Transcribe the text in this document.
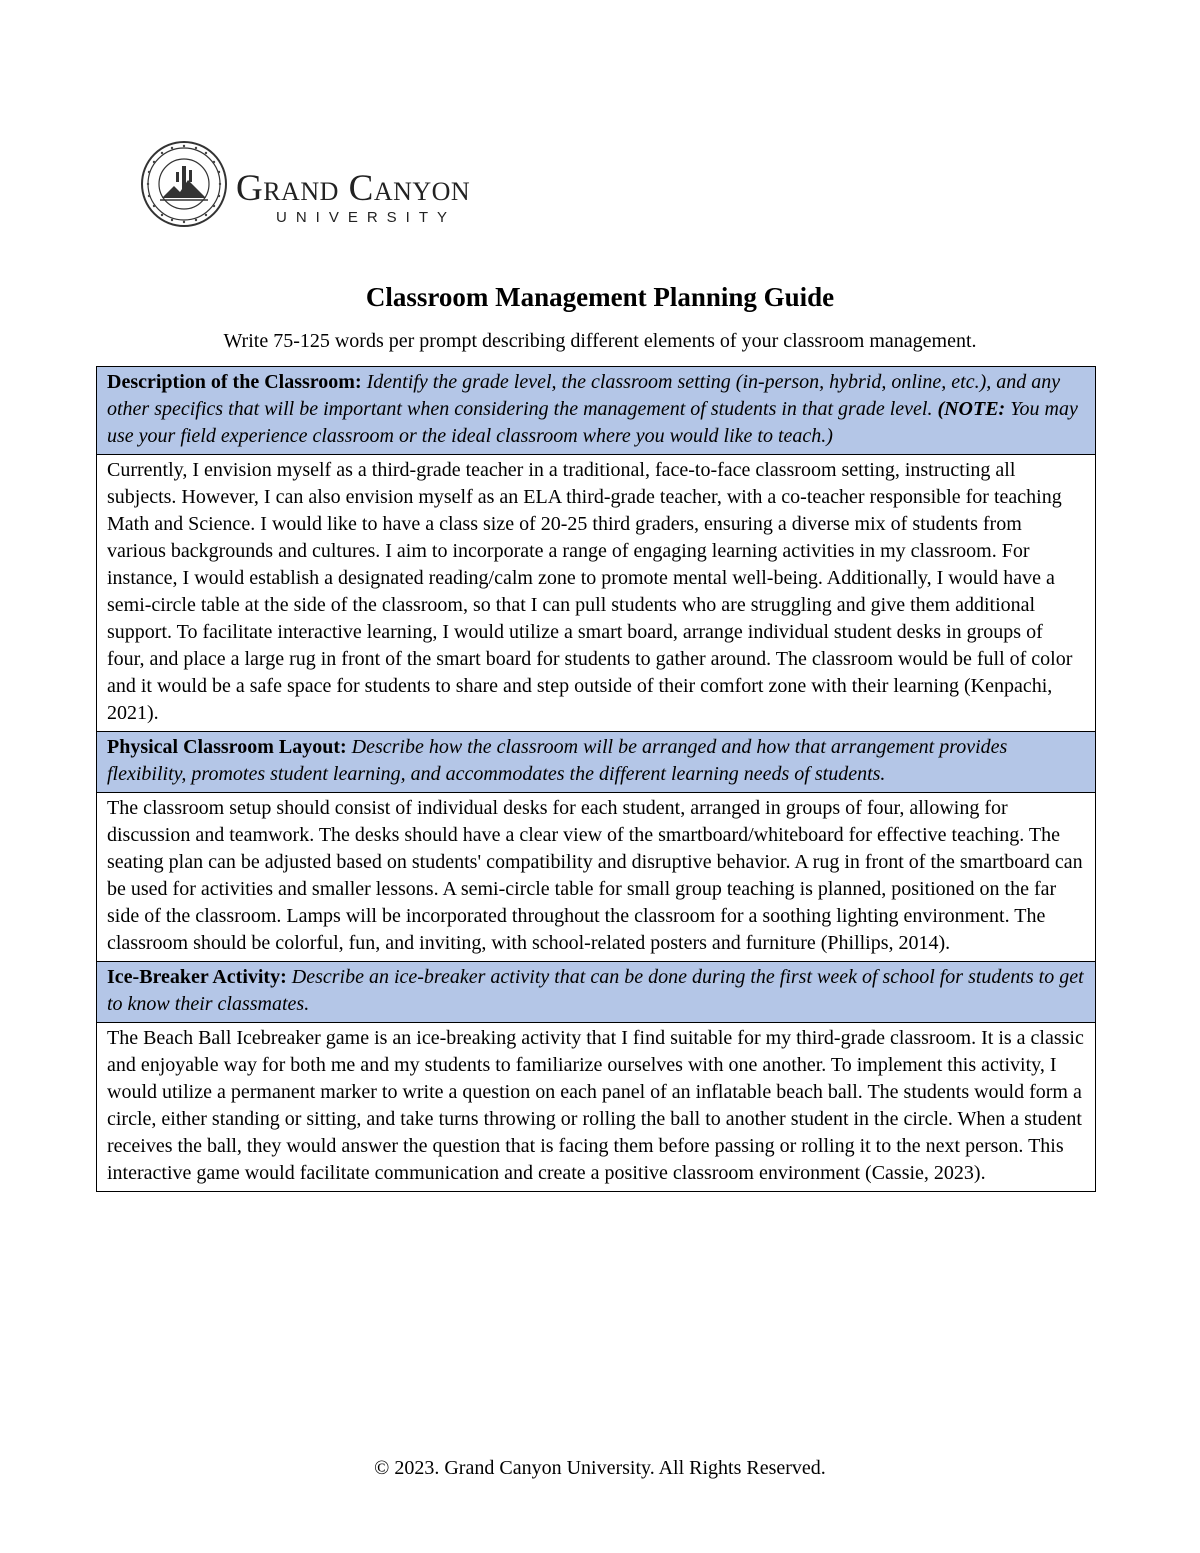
Grand Canyon
UNIVERSITY
Classroom Management Planning Guide
Write 75-125 words per prompt describing different elements of your classroom management.
Description of the Classroom: Identify the grade level, the classroom setting (in-person, hybrid, online, etc.), and any other specifics that will be important when considering the management of students in that grade level. (NOTE: You may use your field experience classroom or the ideal classroom where you would like to teach.)
Currently, I envision myself as a third-grade teacher in a traditional, face-to-face classroom setting, instructing all subjects. However, I can also envision myself as an ELA third-grade teacher, with a co-teacher responsible for teaching Math and Science. I would like to have a class size of 20-25 third graders, ensuring a diverse mix of students from various backgrounds and cultures. I aim to incorporate a range of engaging learning activities in my classroom. For instance, I would establish a designated reading/calm zone to promote mental well-being. Additionally, I would have a semi-circle table at the side of the classroom, so that I can pull students who are struggling and give them additional support. To facilitate interactive learning, I would utilize a smart board, arrange individual student desks in groups of four, and place a large rug in front of the smart board for students to gather around. The classroom would be full of color and it would be a safe space for students to share and step outside of their comfort zone with their learning (Kenpachi, 2021).
Physical Classroom Layout: Describe how the classroom will be arranged and how that arrangement provides flexibility, promotes student learning, and accommodates the different learning needs of students.
The classroom setup should consist of individual desks for each student, arranged in groups of four, allowing for discussion and teamwork. The desks should have a clear view of the smartboard/whiteboard for effective teaching. The seating plan can be adjusted based on students' compatibility and disruptive behavior. A rug in front of the smartboard can be used for activities and smaller lessons. A semi-circle table for small group teaching is planned, positioned on the far side of the classroom. Lamps will be incorporated throughout the classroom for a soothing lighting environment. The classroom should be colorful, fun, and inviting, with school-related posters and furniture (Phillips, 2014).
Ice-Breaker Activity: Describe an ice-breaker activity that can be done during the first week of school for students to get to know their classmates.
The Beach Ball Icebreaker game is an ice-breaking activity that I find suitable for my third-grade classroom. It is a classic and enjoyable way for both me and my students to familiarize ourselves with one another. To implement this activity, I would utilize a permanent marker to write a question on each panel of an inflatable beach ball. The students would form a circle, either standing or sitting, and take turns throwing or rolling the ball to another student in the circle. When a student receives the ball, they would answer the question that is facing them before passing or rolling it to the next person. This interactive game would facilitate communication and create a positive classroom environment (Cassie, 2023).
© 2023. Grand Canyon University. All Rights Reserved.
